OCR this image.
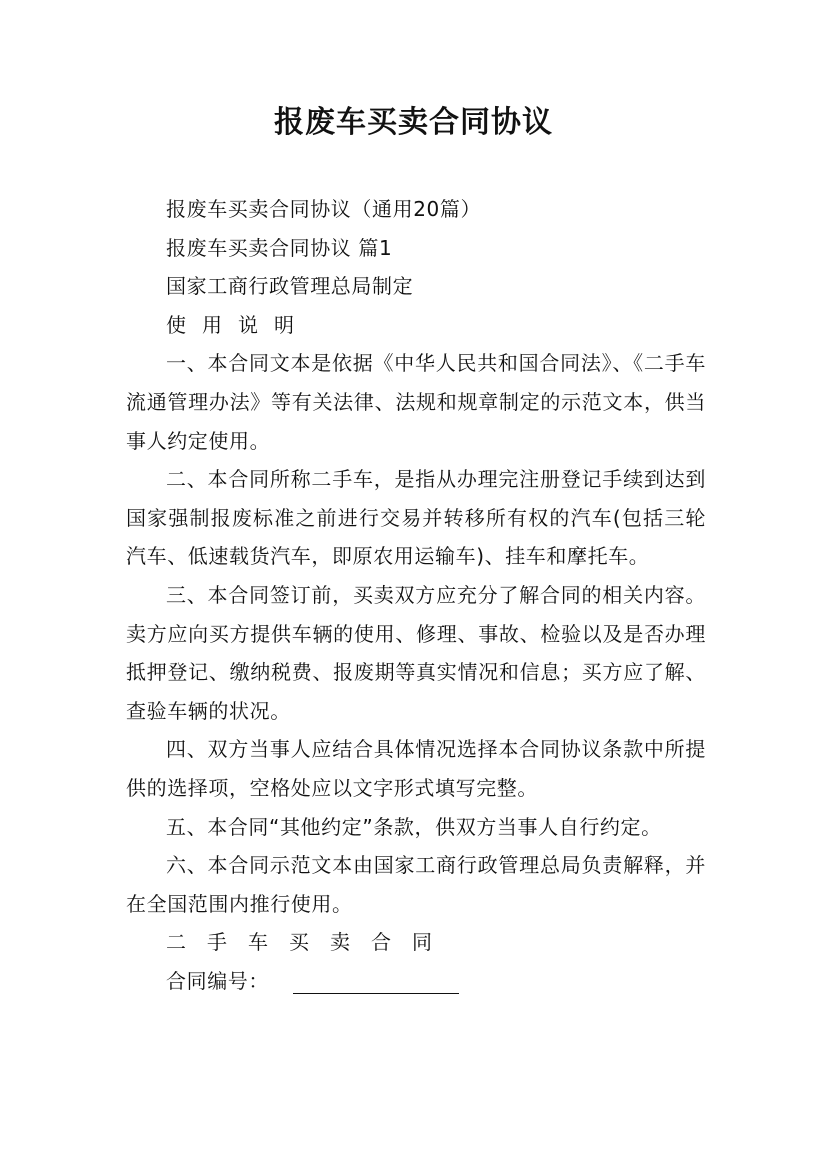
报废车买卖合同协议

报废车买卖合同协议（通用20篇）

报废车买卖合同协议 篇1

国家工商行政管理总局制定

使用说明

一、本合同文本是依据《中华人民共和国合同法》、《二手车流通管理办法》等有关法律、法规和规章制定的示范文本，供当事人约定使用。

二、本合同所称二手车，是指从办理完注册登记手续到达到国家强制报废标准之前进行交易并转移所有权的汽车(包括三轮汽车、低速载货汽车，即原农用运输车)、挂车和摩托车。

三、本合同签订前，买卖双方应充分了解合同的相关内容。卖方应向买方提供车辆的使用、修理、事故、检验以及是否办理抵押登记、缴纳税费、报废期等真实情况和信息；买方应了解、查验车辆的状况。

四、双方当事人应结合具体情况选择本合同协议条款中所提供的选择项，空格处应以文字形式填写完整。

五、本合同“其他约定”条款，供双方当事人自行约定。

六、本合同示范文本由国家工商行政管理总局负责解释，并在全国范围内推行使用。

二手车买卖合同

合同编号：
